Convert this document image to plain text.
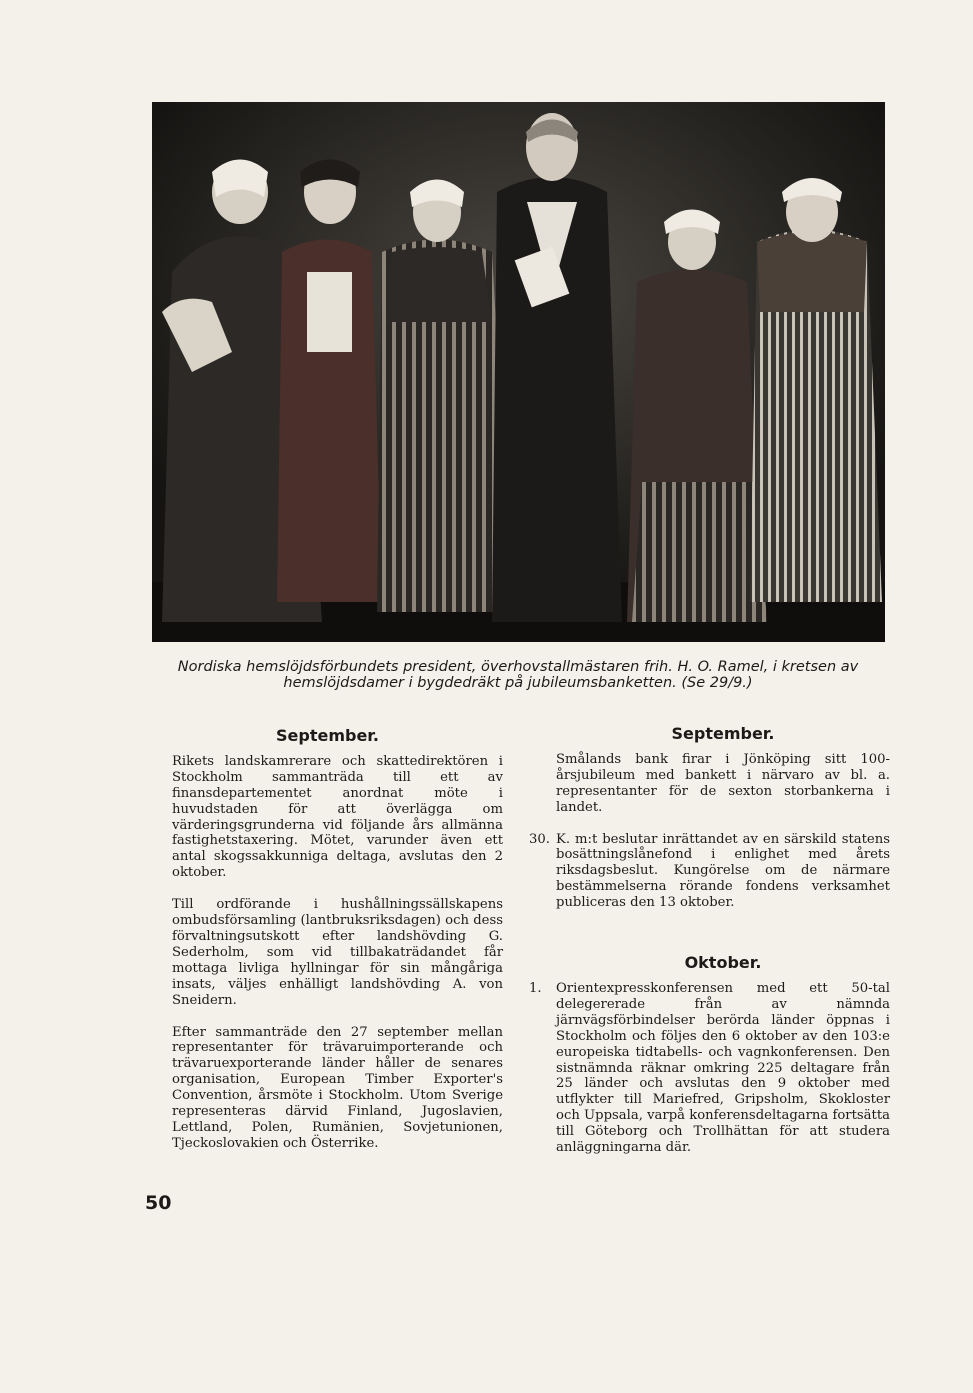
Nordiska hemslöjdsförbundets president, överhovstallmästaren frih. H. O. Ramel, i kretsen av
hemslöjdsdamer i bygdedräkt på jubileumsbanketten. (Se 29/9.)
September.

Rikets landskamrerare och skattedirektören i Stockholm sammanträda till ett av finansdepartementet anordnat möte i huvudstaden för att överlägga om värderingsgrunderna vid följande års allmänna fastighetstaxering. Mötet, varunder även ett antal skogssakkunniga deltaga, avslutas den 2 oktober.

Till ordförande i hushållningssällskapens ombudsförsamling (lantbruksriksdagen) och dess förvaltningsutskott efter landshövding G. Sederholm, som vid tillbakaträdandet får mottaga livliga hyllningar för sin mångåriga insats, väljes enhälligt landshövding A. von Sneidern.

Efter sammanträde den 27 september mellan representanter för trävaruimporterande och trävaruexporterande länder håller de senares organisation, European Timber Exporter's Convention, årsmöte i Stockholm. Utom Sverige representeras därvid Finland, Jugoslavien, Lettland, Polen, Rumänien, Sovjetunionen, Tjeckoslovakien och Österrike.

September.

Smålands bank firar i Jönköping sitt 100-årsjubileum med bankett i närvaro av bl. a. representanter för de sexton storbankerna i landet.

30. K. m:t beslutar inrättandet av en särskild statens bosättningslånefond i enlighet med årets riksdagsbeslut. Kungörelse om de närmare bestämmelserna rörande fondens verksamhet publiceras den 13 oktober.

Oktober.
1. Orientexpresskonferensen med ett 50-tal delegererade från av nämnda järnvägsförbindelser berörda länder öppnas i Stockholm och följes den 6 oktober av den 103:e europeiska tidtabells- och vagnkonferensen. Den sistnämnda räknar omkring 225 deltagare från 25 länder och avslutas den 9 oktober med utflykter till Mariefred, Gripsholm, Skokloster och Uppsala, varpå konferensdeltagarna fortsätta till Göteborg och Trollhättan för att studera anläggningarna där.

50
